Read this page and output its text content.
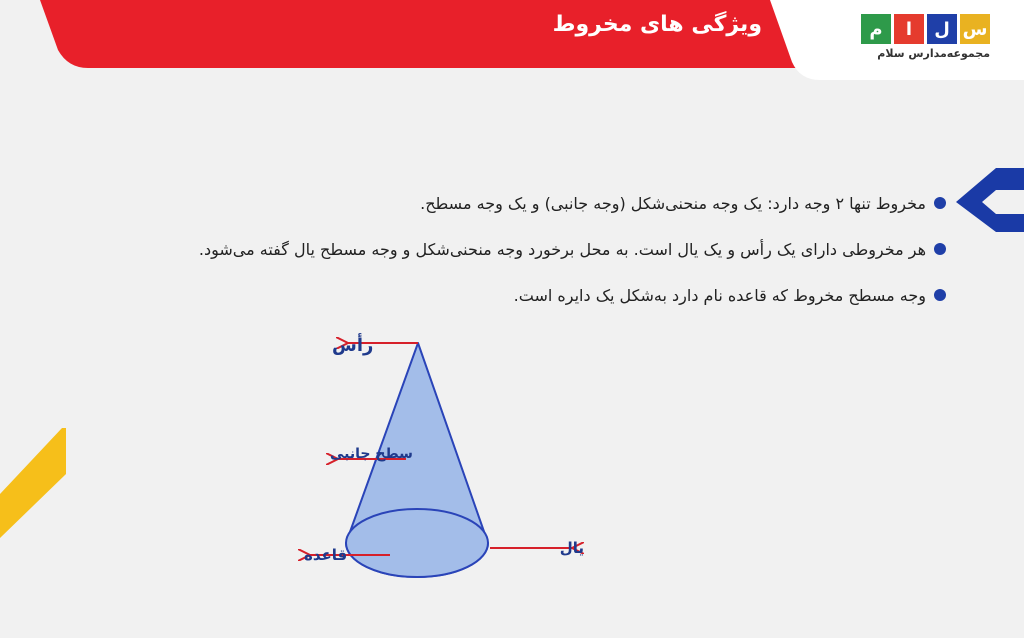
ویژگی های مخروط	م	ا	ل س
مجموعه‌مدارس سلام
مخروط تنها ۲ وجه دارد: یک وجه منحنی‌شکل (وجه جانبی) و یک وجه مسطح.
هر مخروطی دارای یک رأس و یک یال است. به محل برخورد وجه منحنی‌شکل و وجه مسطح یال گفته می‌شود.
وجه مسطح مخروط که قاعده نام دارد به‌شکل یک دایره است.
رأس
سطح جانبی
قاعده	یال
